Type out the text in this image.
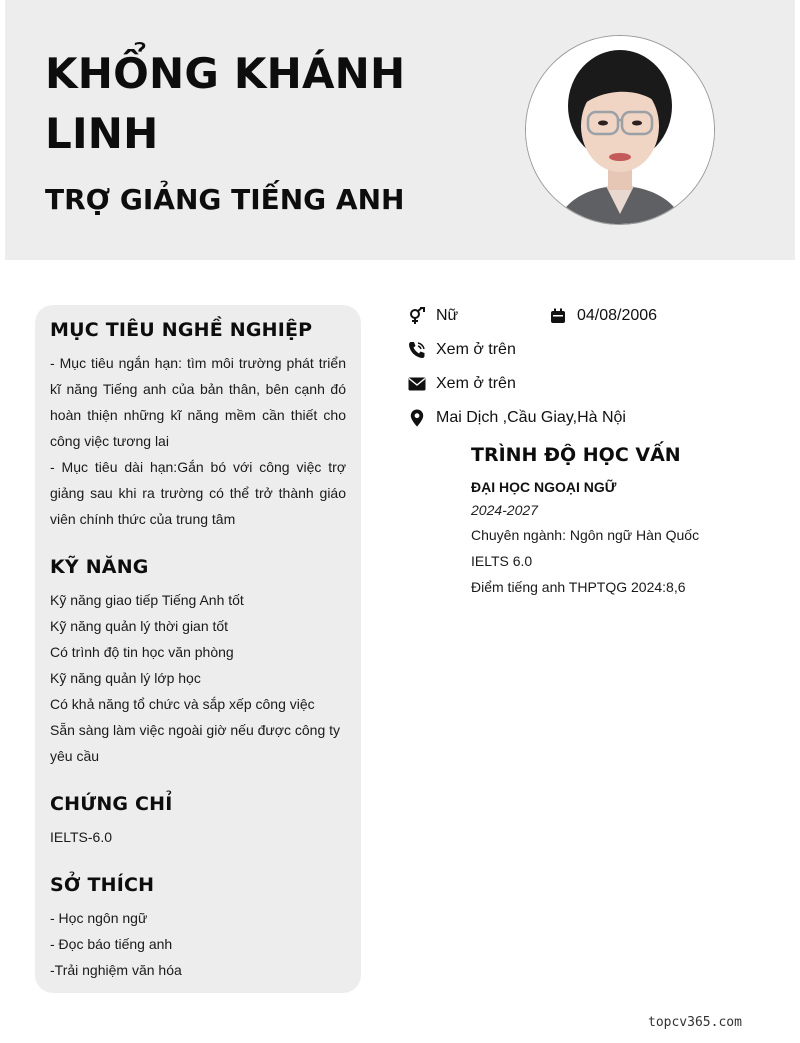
KHỔNG KHÁNH LINH
TRỢ GIẢNG TIẾNG ANH
MỤC TIÊU NGHỀ NGHIỆP

- Mục tiêu ngắn hạn: tìm môi trường phát triển kĩ năng Tiếng anh của bản thân, bên cạnh đó hoàn thiện những kĩ năng mềm cần thiết cho công việc tương lai

- Mục tiêu dài hạn:Gắn bó với công việc trợ giảng sau khi ra trường có thể trở thành giáo viên chính thức của trung tâm

KỸ NĂNG
Kỹ năng giao tiếp Tiếng Anh tốt
Kỹ năng quản lý thời gian tốt
Có trình độ tin học văn phòng
Kỹ năng quản lý lớp học
Có khả năng tổ chức và sắp xếp công việc
Sẵn sàng làm việc ngoài giờ nếu được công ty yêu cầu
CHỨNG CHỈ
IELTS-6.0
SỞ THÍCH
- Học ngôn ngữ
- Đọc báo tiếng anh
-Trải nghiệm văn hóa
Nữ	04/08/2006
Xem ở trên
Xem ở trên
Mai Dịch ,Cầu Giay,Hà Nội
TRÌNH ĐỘ HỌC VẤN
ĐẠI HỌC NGOẠI NGỮ
2024-2027
Chuyên ngành: Ngôn ngữ Hàn Quốc
IELTS 6.0
Điểm tiếng anh THPTQG 2024:8,6
topcv365.com
